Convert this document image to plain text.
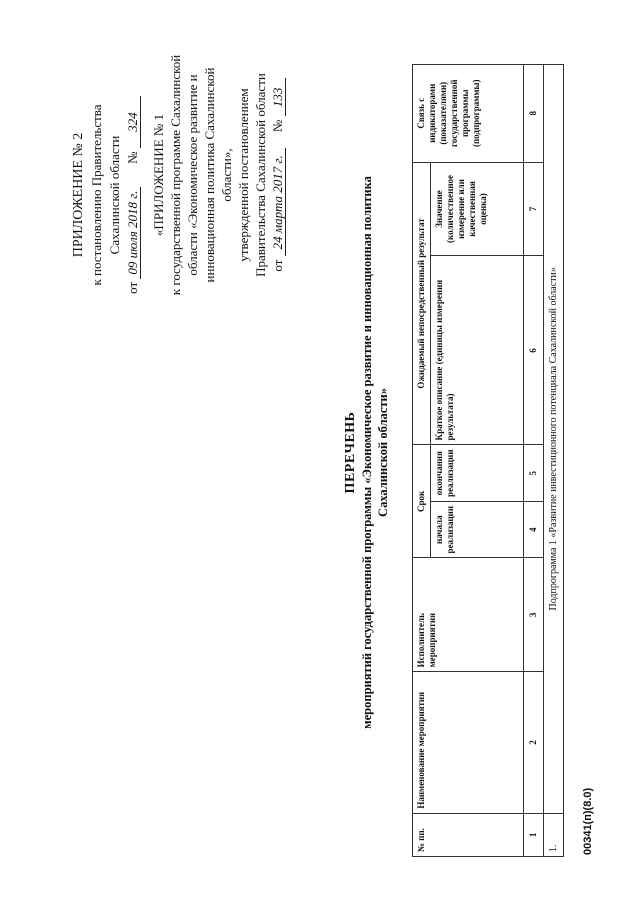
ПРИЛОЖЕНИЕ № 2 к постановлению Правительства Сахалинской области
от 09 июля 2018 г.       № 324 «ПРИЛОЖЕНИЕ № 1 к государственной программе Сахалинской области «Экономическое развитие и инновационная политика Сахалинской области», утвержденной постановлением Правительства Сахалинской области от 24 марта 2017 г.     № 133
ПЕРЕЧЕНЬ мероприятий государственной программы «Экономическое развитие и инновационная политика Сахалинской области»
№ пп.	Наименование мероприятия	Исполнитель мероприятия	Срок		Ожидаемый непосредственный результат		Связь с индикаторами (показателями) государственной программы (подпрограммы)
			начала реализации	окончания реализации	Краткое описание (единицы измерения результата)	Значение (количественное измерение или качественная оценка)	
1	2	3	4	5	6	7	8
1.	Подпрограмма 1 «Развитие инвестиционного потенциала Сахалинской области»						
00341(п)(8.0)
